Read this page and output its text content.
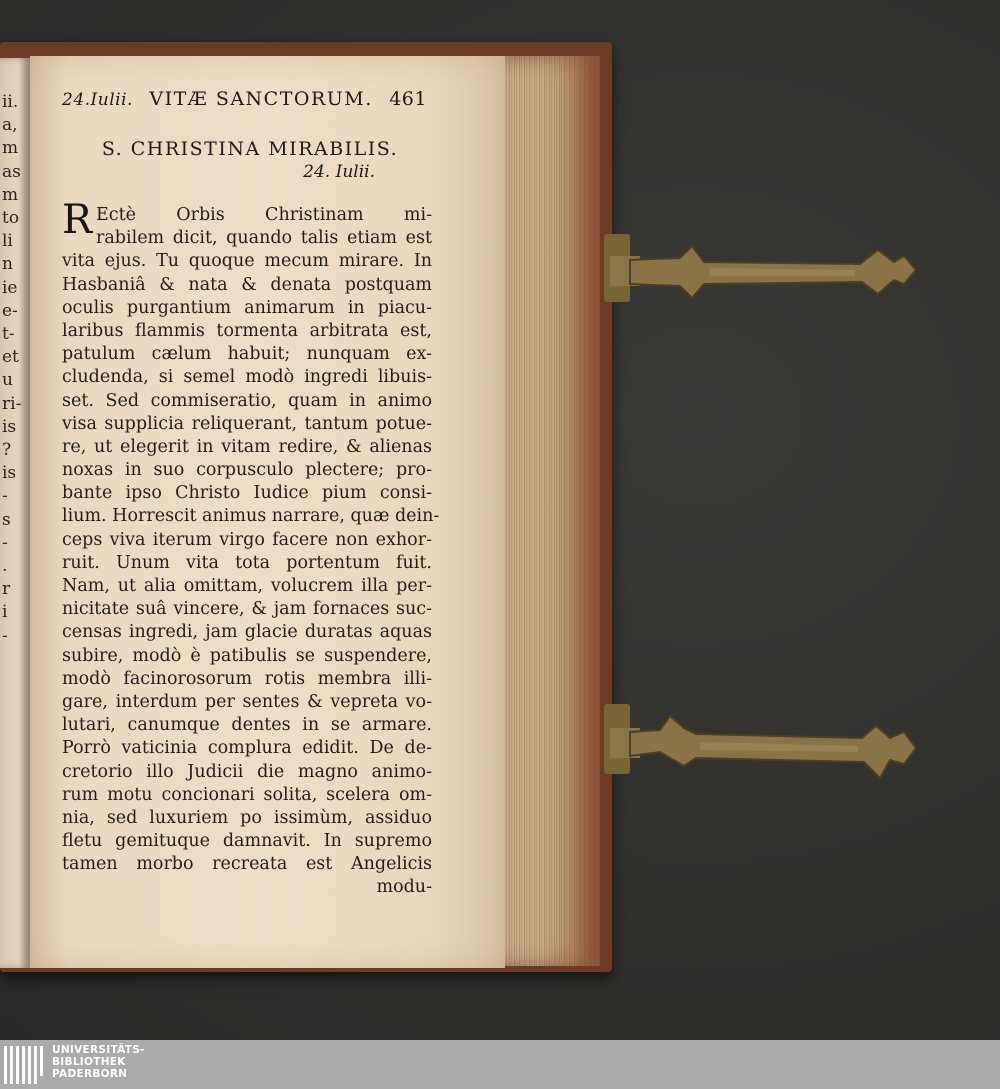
ii.
a,
m
as
m
to
li
n
ie
e-
t-
et
u
ri-
is
?
is
-
s
-
.
r
i
-
24.Iulii. VITÆ SANCTORUM. 461
S. CHRISTINA MIRABILIS.
24. Iulii.
R Ectè Orbis Christinam mi-
rabilem dicit, quando talis etiam est
vita ejus. Tu quoque mecum mirare. In
Hasbaniâ & nata & denata postquam
oculis purgantium animarum in piacu-
laribus flammis tormenta arbitrata est,
patulum cælum habuit; nunquam ex-
cludenda, si semel modò ingredi libuis-
set. Sed commiseratio, quam in animo
visa supplicia reliquerant, tantum potue-
re, ut elegerit in vitam redire, & alienas
noxas in suo corpusculo plectere; pro-
bante ipso Christo Iudice pium consi-
lium. Horrescit animus narrare, quæ dein-
ceps viva iterum virgo facere non exhor-
ruit. Unum vita tota portentum fuit.
Nam, ut alia omittam, volucrem illa per-
nicitate suâ vincere, & jam fornaces suc-
censas ingredi, jam glacie duratas aquas
subire, modò è patibulis se suspendere,
modò facinorosorum rotis membra illi-
gare, interdum per sentes & vepreta vo-
lutari, canumque dentes in se armare.
Porrò vaticinia complura edidit. De de-
cretorio illo Judicii die magno animo-
rum motu concionari solita, scelera om-
nia, sed luxuriem po issimùm, assiduo
fletu gemituque damnavit. In supremo
tamen morbo recreata est Angelicis
modu-
UNIVERSITÄTS-
BIBLIOTHEK
PADERBORN
